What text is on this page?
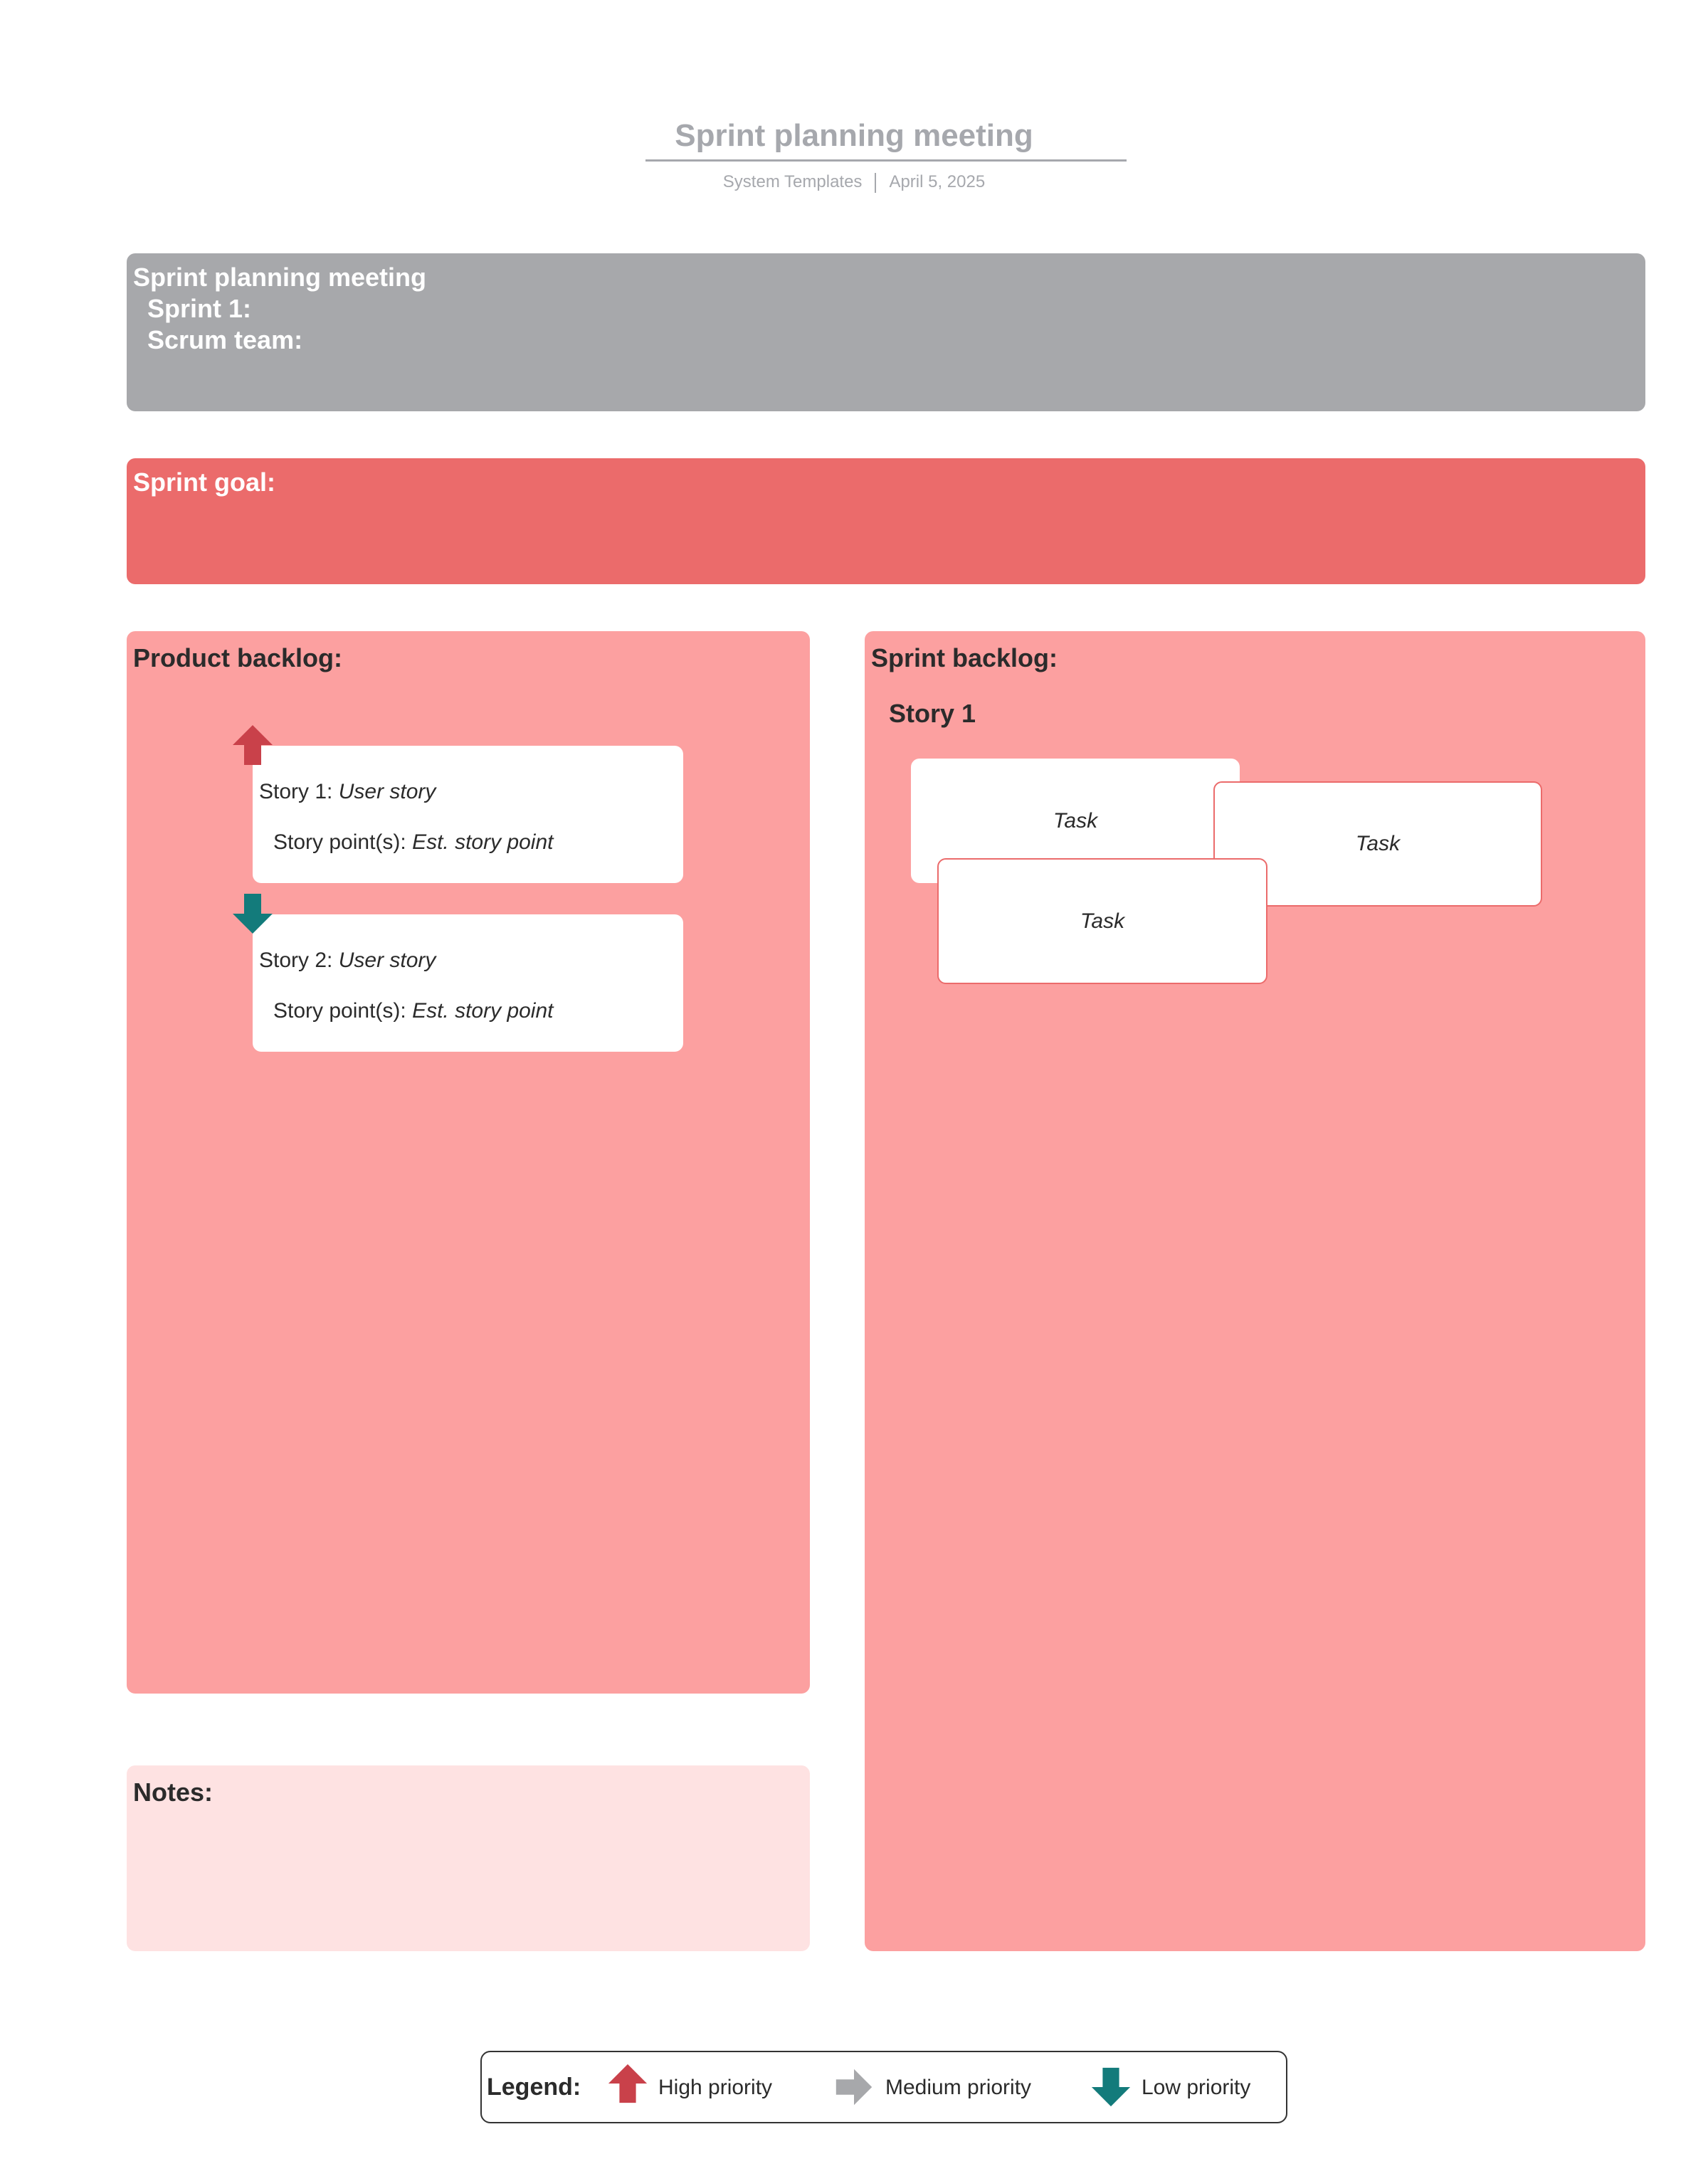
Sprint planning meeting
System Templates April 5, 2025
Sprint planning meeting
Sprint 1:
Scrum team:
Sprint goal:
Product backlog:
Story 1: User story
Story point(s): Est. story point
Story 2: User story
Story point(s): Est. story point
Sprint backlog:
Story 1
Task
Task
Task
Notes:
Legend:	High priority	Medium priority	Low priority
